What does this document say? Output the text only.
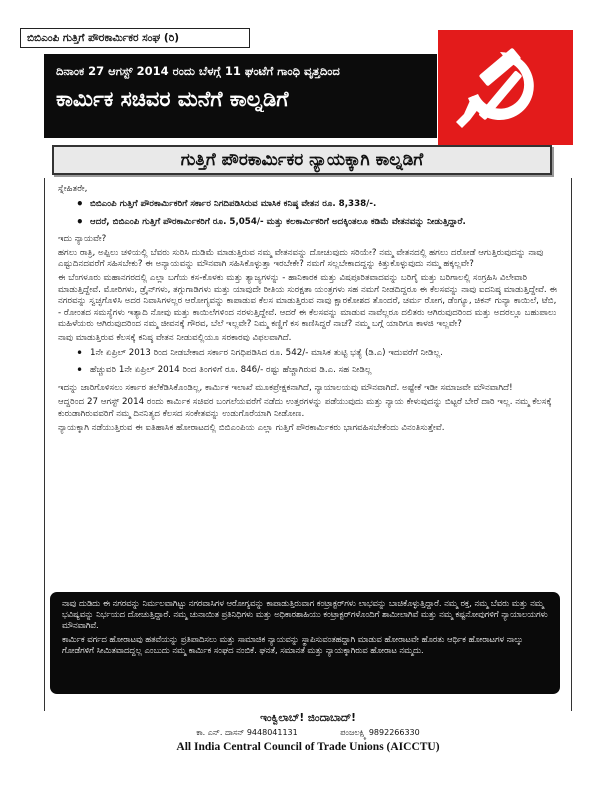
ಬಿಬಿಎಂಪಿ ಗುತ್ತಿಗೆ ಪೌರಕಾರ್ಮಿಕರ ಸಂಘ (ರಿ)
ದಿನಾಂಕ 27 ಆಗಸ್ಟ್ 2014 ರಂದು ಬೆಳಗ್ಗೆ 11 ಘಂಟೆಗೆ ಗಾಂಧಿ ವೃತ್ತದಿಂದ
ಕಾರ್ಮಿಕ ಸಚಿವರ ಮನೆಗೆ ಕಾಲ್ನಡಿಗೆ
ಗುತ್ತಿಗೆ ಪೌರಕಾರ್ಮಿಕರ ನ್ಯಾಯಕ್ಕಾಗಿ ಕಾಲ್ನಡಿಗೆ

ಸ್ನೇಹಿತರೇ,

• ಬಿಬಿಎಂಪಿ ಗುತ್ತಿಗೆ ಪೌರಕಾರ್ಮಿಕರಿಗೆ ಸರ್ಕಾರ ನಿಗದಿಪಡಿಸಿರುವ ಮಾಸಿಕ ಕನಿಷ್ಠ ವೇತನ ರೂ. 8,338/-.
• ಆದರೆ, ಬಿಬಿಎಂಪಿ ಗುತ್ತಿಗೆ ಪೌರಕಾರ್ಮಿಕರಿಗೆ ರೂ. 5,054/- ಮತ್ತು ಕಲಕಾರ್ಮಿಕರಿಗೆ ಅದಕ್ಕಿಂತಲೂ ಕಡಿಮೆ ವೇತನವನ್ನು ನೀಡುತ್ತಿದ್ದಾರೆ.

ಇದು ನ್ಯಾಯವೇ?

ಹಗಲು ರಾತ್ರಿ, ಅಪ್ಪಿಲು ಚಳಿಯಲ್ಲಿ ಬೆವರು ಸುರಿಸಿ ದುಡಿಮೆ ಮಾಡುತ್ತಿರುವ ನಮ್ಮ ವೇತನವನ್ನು ದೋಚುವುದು ಸರಿಯೇ? ನಮ್ಮ ವೇತನದಲ್ಲಿ ಹಗಲು ದರೋಡೆ ಆಗುತ್ತಿರುವುದನ್ನು ನಾವು ಎಷ್ಟುದಿನದವರೆಗೆ ಸಹಿಸಬೇಕು? ಈ ಅನ್ಯಾಯವನ್ನು ಮೌನವಾಗಿ ಸಹಿಸಿಕೊಳ್ಳುತ್ತಾ ಇರಬೇಕೇ? ನಮಗೆ ಸಲ್ಲಬೇಕಾದದ್ದನ್ನು ಕಿತ್ತುಕೊಳ್ಳುವುದು ನಮ್ಮ ಹಕ್ಕಲ್ಲವೇ?

ಈ ಬೆಂಗಳೂರು ಮಹಾನಗರದಲ್ಲಿ ಎಲ್ಲಾ ಬಗೆಯ ಕಸ-ಕೊಳಕು ಮತ್ತು ತ್ಯಾಜ್ಯಗಳನ್ನು - ಹಾನಿಕಾರಕ ಮತ್ತು ವಿಷಪೂರಿತವಾದವನ್ನು ಬರಿಗೈ ಮತ್ತು ಬರಿಗಾಲಲ್ಲಿ ಸಂಗ್ರಹಿಸಿ ವಿಲೇವಾರಿ ಮಾಡುತ್ತಿದ್ದೇವೆ. ಮೋರಿಗಳು, ಡ್ರೈನ್‍ಗಳು, ತಗ್ಗುಗಾಡಿಗಳು ಮತ್ತು ಯಾವುದೇ ರೀತಿಯ ಸುರಕ್ಷತಾ ಯಂತ್ರಗಳು ಸಹ ನಮಗೆ ನೀಡದಿದ್ದರೂ ಈ ಕೆಲಸವನ್ನು ನಾವು ಐದನಿಷ್ಠ ಮಾಡುತ್ತಿದ್ದೇವೆ. ಈ ನಗರವನ್ನು ಸ್ವಚ್ಛಗೊಳಿಸಿ ಅದರ ನಿವಾಸಿಗಳಲ್ಲರ ಆರೋಗ್ಯವನ್ನು ಕಾಪಾಡುವ ಕೆಲಸ ಮಾಡುತ್ತಿರುವ ನಾವು ಕ್ಷಾರಕೋಶದ ತೊಂದರೆ, ಚರ್ಮ ರೋಗ, ಡೆಂಗ್ಯೂ, ಚಿಕನ್ ಗುನ್ಯಾ ಕಾಯಿಲೆ, ಟೆಬಿ, - ರೋಂತದ ಸಮಸ್ಯೆಗಳು ಇತ್ಯಾದಿ ನೋವು ಮತ್ತು ಕಾಯಿಲೆಗಳಿಂದ ನರಳುತ್ತಿದ್ದೇವೆ. ಆದರೆ ಈ ಕೆಲಸವನ್ನು ಮಾಡುವ ನಾವೆಲ್ಲರೂ ದಲಿತರು ಆಗಿರುವುದರಿಂದ ಮತ್ತು ಅದರಲ್ಲೂ ಬಹುಪಾಲು ಮಹಿಳೆಯರು ಆಗಿರುವುದರಿಂದ ನಮ್ಮ ಜೀವನಕ್ಕೆ ಗೌರವ, ಬೆಲೆ ಇಲ್ಲವೇ? ನಿಮ್ಮ ಕಣ್ಣಿಗೆ ಕಸ ಕಾಣಿಸಿದ್ದರೆ ನಾಚೆ? ನಮ್ಮ ಬಗ್ಗೆ ಯಾರಿಗೂ ಕಾಳಜಿ ಇಲ್ಲವೇ?

ನಾವು ಮಾಡುತ್ತಿರುವ ಕೆಲಸಕ್ಕೆ ಕನಿಷ್ಠ ವೇತನ ನೀಡುವಲ್ಲಿಯೂ ಸರಕಾರವು ವಿಫಲವಾಗಿದೆ.

• 1ನೇ ಏಪ್ರಿಲ್ 2013 ರಿಂದ ನೀಡಬೇಕಾದ ಸರ್ಕಾರ ನಿಗಧಿಪಡಿಸಿದ ರೂ. 542/- ಮಾಸಿಕ ತುಟ್ಟಿ ಭತ್ಯೆ (ಡಿ.ಎ) ಇದುವರೆಗೆ ನೀಡಿಲ್ಲ.
• ಹೆಚ್ಚುವರಿ 1ನೇ ಏಪ್ರಿಲ್ 2014 ರಿಂದ ತಿಂಗಳಿಗೆ ರೂ. 846/- ರಷ್ಟು ಹೆಚ್ಚಾಗಿರುವ ಡಿ.ಎ. ಸಹ ನೀಡಿಲ್ಲ

ಇದನ್ನು ಜಾರಿಗೊಳಿಸಲು ಸರ್ಕಾರ ತಲೆಕೆಡಿಸಿಕೊಂಡಿಲ್ಲ, ಕಾರ್ಮಿಕ ಇಲಾಖೆ ಮೂಕಪ್ರೇಕ್ಷಕನಾಗಿದೆ, ನ್ಯಾಯಾಲಯವು ಮೌನವಾಗಿದೆ. ಅಷ್ಟೇಕೆ ಇಡೀ ಸಮಾಜವೇ ಮೌನವಾಗಿದೆ!

ಆದ್ದರಿಂದ 27 ಆಗಸ್ಟ್ 2014 ರಂದು ಕಾರ್ಮಿಕ ಸಚಿವರ ಬಂಗಲೆಯವರೆಗೆ ನಡೆದು ಉತ್ತರಗಳನ್ನು ಪಡೆಯುವುದು ಮತ್ತು ನ್ಯಾಯ ಕೇಳುವುದನ್ನು ಬಿಟ್ಟರೆ ಬೇರೆ ದಾರಿ ಇಲ್ಲ. ನಮ್ಮ ಕೆಲಸಕ್ಕೆ ಕುರುಡಾಗಿರುವವರಿಗೆ ನಮ್ಮ ದಿನನಿತ್ಯದ ಕೆಲಸದ ಸಂಕೇತವನ್ನು ಉಡುಗೊರೆಯಾಗಿ ನೀಡೋಣ.

ನ್ಯಾಯಕ್ಕಾಗಿ ನಡೆಯುತ್ತಿರುವ ಈ ಐತಿಹಾಸಿಕ ಹೋರಾಟದಲ್ಲಿ ಬಿಬಿಎಂಪಿಯ ಎಲ್ಲಾ ಗುತ್ತಿಗೆ ಪೌರಕಾರ್ಮಿಕರು ಭಾಗವಹಿಸಬೇಕೆಂದು ವಿನಂತಿಸುತ್ತೇವೆ.

ನಾವು ದುಡಿದು ಈ ನಗರವನ್ನು ನಿರ್ಮಲವಾಗಿಟ್ಟು ನಗರವಾಸಿಗಳ ಆರೋಗ್ಯವನ್ನು ಕಾಪಾಡುತ್ತಿರುವಾಗ ಕಂಟ್ರಾಕ್ಟರ್‌ಗಳು ಲಾಭವನ್ನು ಬಾಚಿಕೊಳ್ಳುತ್ತಿದ್ದಾರೆ. ನಮ್ಮ ರಕ್ತ, ನಮ್ಮ ಬೆವರು ಮತ್ತು ನಮ್ಮ ಭವಿಷ್ಯವನ್ನು ನಿರ್ಭಯದ ದೋಚುತ್ತಿದ್ದಾರೆ. ನಮ್ಮ ಚುನಾಯಿತ ಪ್ರತಿನಿಧಿಗಳು ಮತ್ತು ಅಧಿಕಾರಶಾಹಿಯು ಕಂಟ್ರಾಕ್ಟರ್‌ಗಳೊಂದಿಗೆ ಶಾಮೀಲಾಗಿವೆ ಮತ್ತು ನಮ್ಮ ಕಷ್ಟನೋವುಗಳಿಗೆ ನ್ಯಾಯಾಲಯಗಳು ಮೌನವಾಗಿವೆ.

ಕಾರ್ಮಿಕ ವರ್ಗದ ಹೋರಾಟವು ಹತವೆಯನ್ನು ಪ್ರತಿಪಾದಿಸಲು ಮತ್ತು ಸಾಮಾಜಿಕ ನ್ಯಾಯವನ್ನು ಸ್ಥಾಪಿಸುವಂತಹದ್ದಾಗಿ ಮಾಡುವ ಹೋರಾಟವೇ ಹೊರತು ಆರ್ಥಿಕ ಹೋರಾಟಗಳ ನಾಲ್ಕು ಗೋಡೆಗಳಿಗೆ ಸೀಮಿತವಾದದ್ದಲ್ಲ ಎಂಬುದು ನಮ್ಮ ಕಾರ್ಮಿಕ ಸಂಘದ ನಂಬಿಕೆ. ಘನತೆ, ಸಮಾನತೆ ಮತ್ತು ನ್ಯಾಯಕ್ಕಾಗಿರುವ ಹೋರಾಟ ನಮ್ಮದು.

ಇಂಕ್ವಿಲಾಬ್! ಜಿಂದಾಬಾದ್!
ಕಾ. ಎನ್. ದಾಸನ್ 9448041131	ಪಂಜಲಕ್ಷ್ಮಿ 9892266330
All India Central Council of Trade Unions (AICCTU)
